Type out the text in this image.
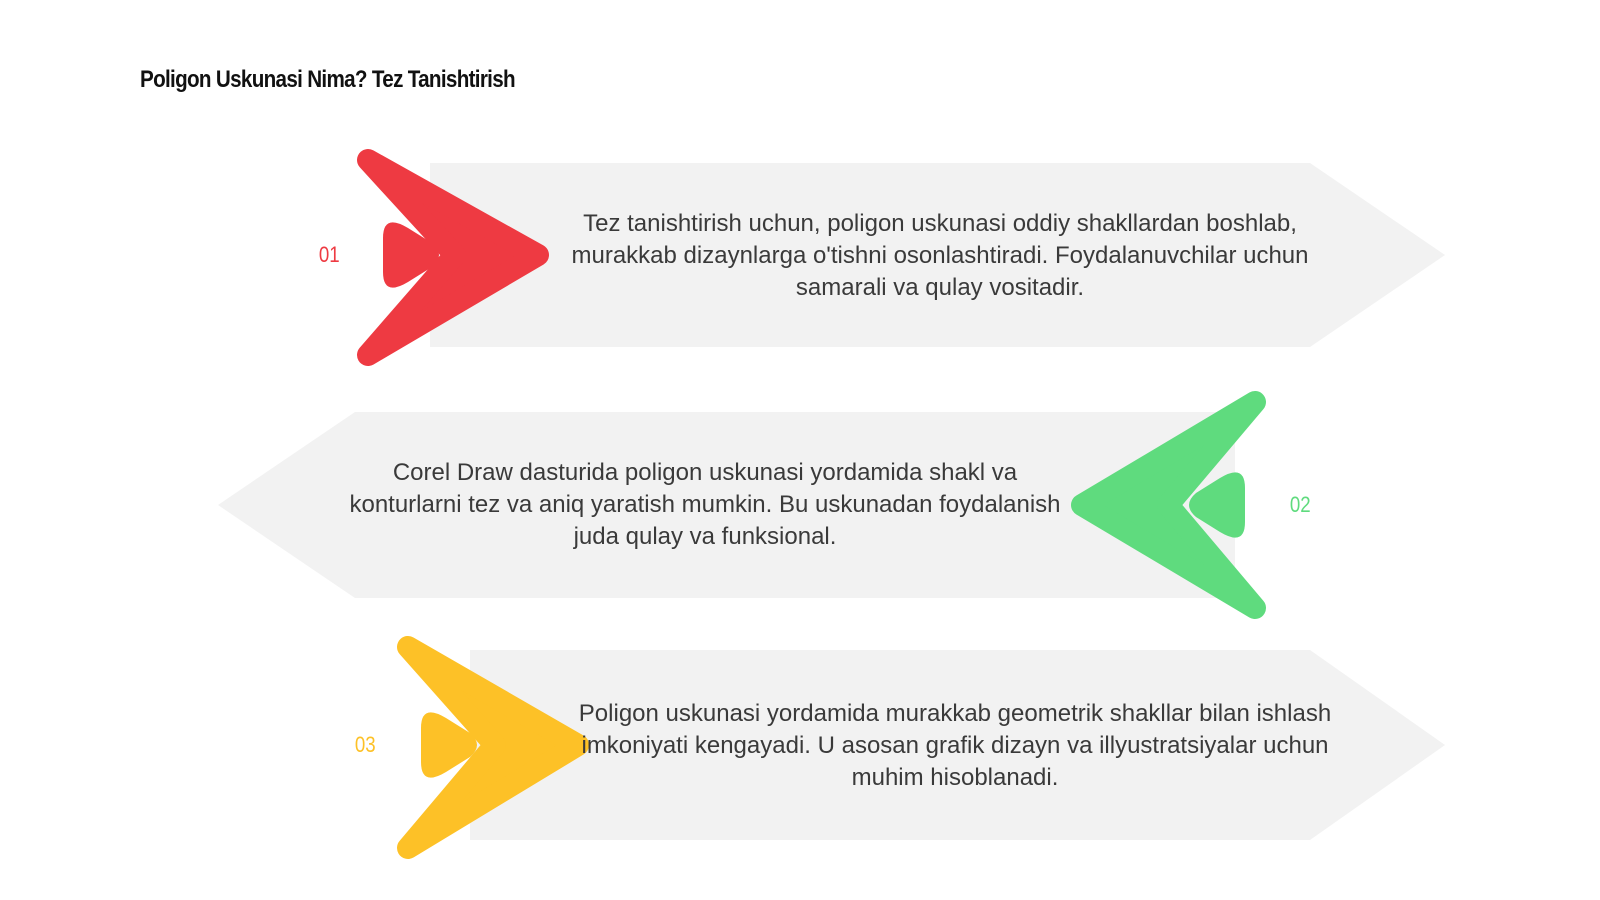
Poligon Uskunasi Nima? Tez Tanishtirish
01

Tez tanishtirish uchun, poligon uskunasi oddiy shakllardan boshlab, murakkab dizaynlarga o'tishni osonlashtiradi. Foydalanuvchilar uchun samarali va qulay vositadir.

02

Corel Draw dasturida poligon uskunasi yordamida shakl va konturlarni tez va aniq yaratish mumkin. Bu uskunadan foydalanish juda qulay va funksional.

03

Poligon uskunasi yordamida murakkab geometrik shakllar bilan ishlash imkoniyati kengayadi. U asosan grafik dizayn va illyustratsiyalar uchun muhim hisoblanadi.
